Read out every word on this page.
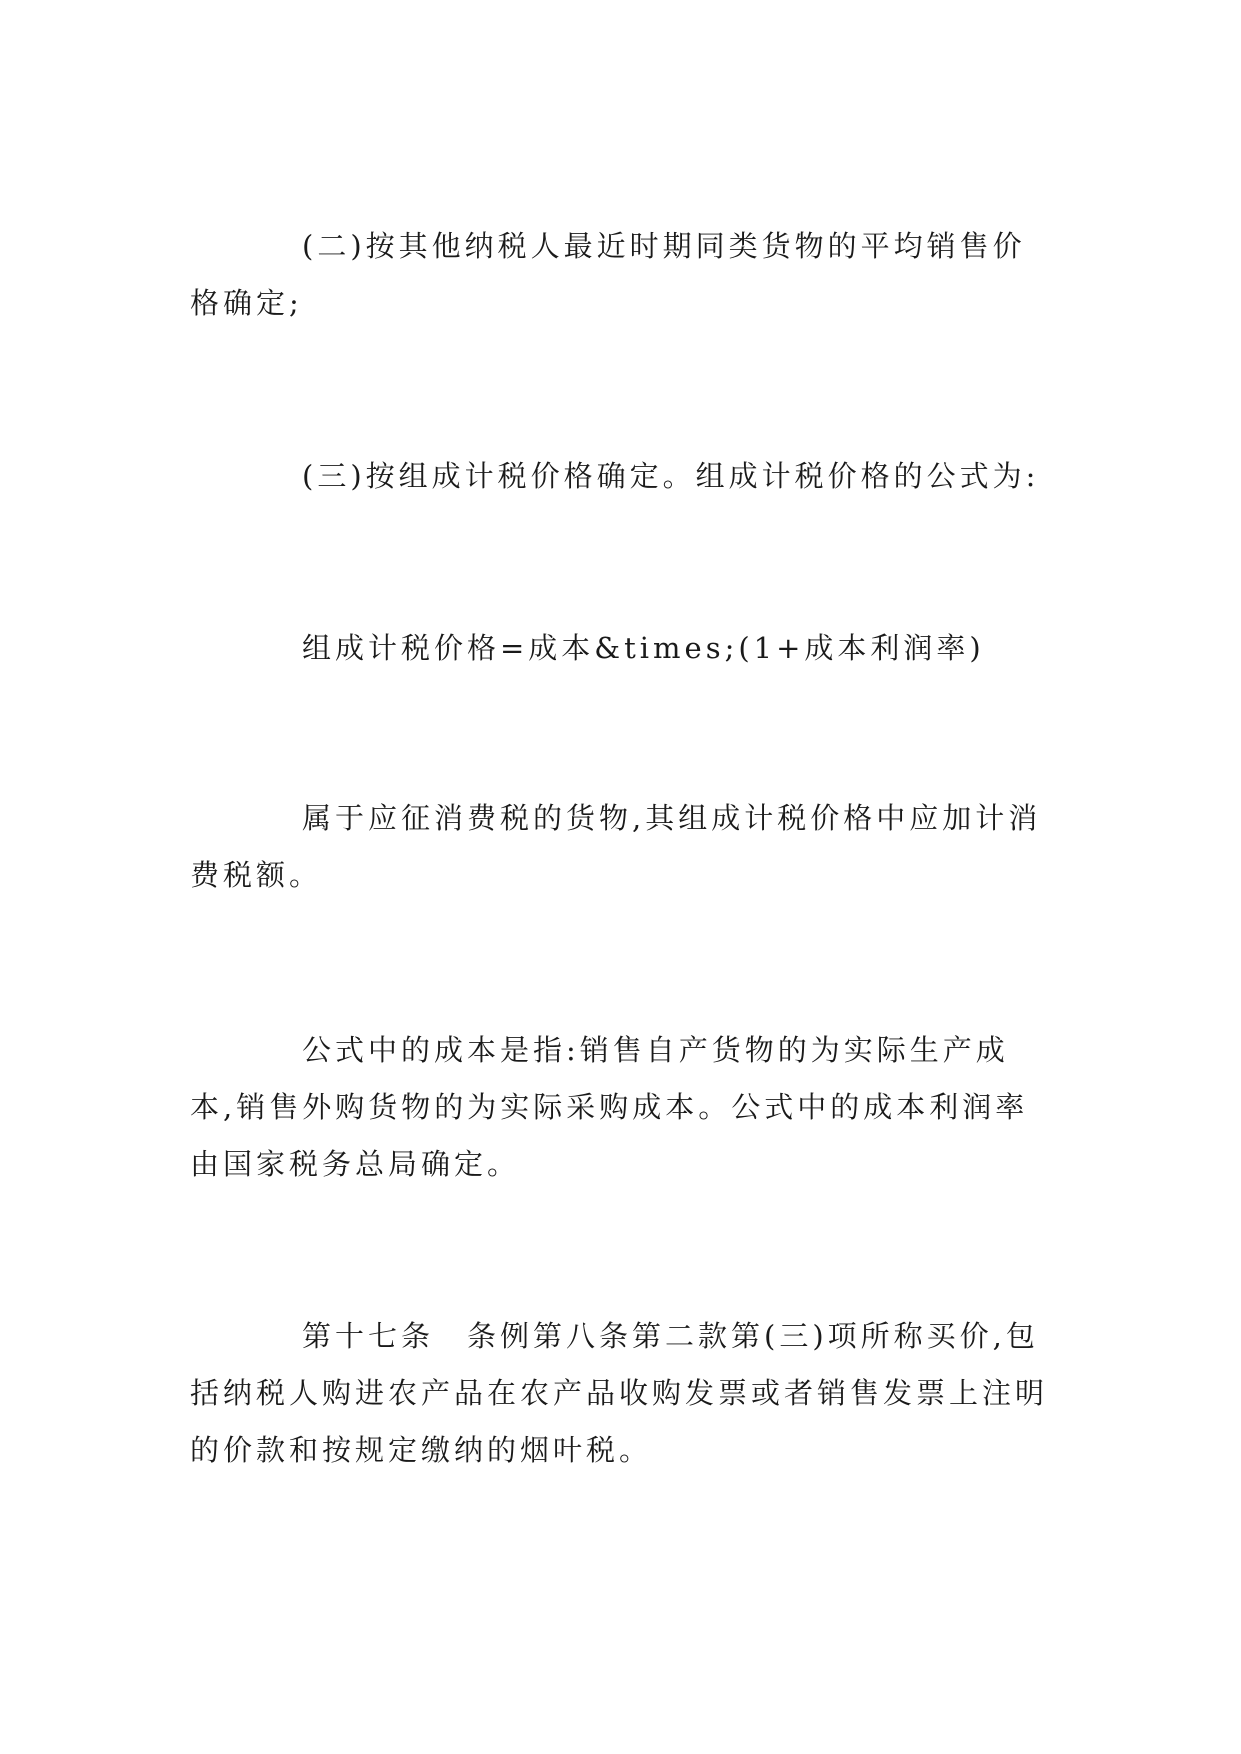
(二)按其他纳税人最近时期同类货物的平均销售价格确定;

(三)按组成计税价格确定。组成计税价格的公式为:

组成计税价格=成本&times;(1+成本利润率)

属于应征消费税的货物,其组成计税价格中应加计消费税额。

公式中的成本是指:销售自产货物的为实际生产成本,销售外购货物的为实际采购成本。公式中的成本利润率由国家税务总局确定。

第十七条　条例第八条第二款第(三)项所称买价,包括纳税人购进农产品在农产品收购发票或者销售发票上注明的价款和按规定缴纳的烟叶税。
